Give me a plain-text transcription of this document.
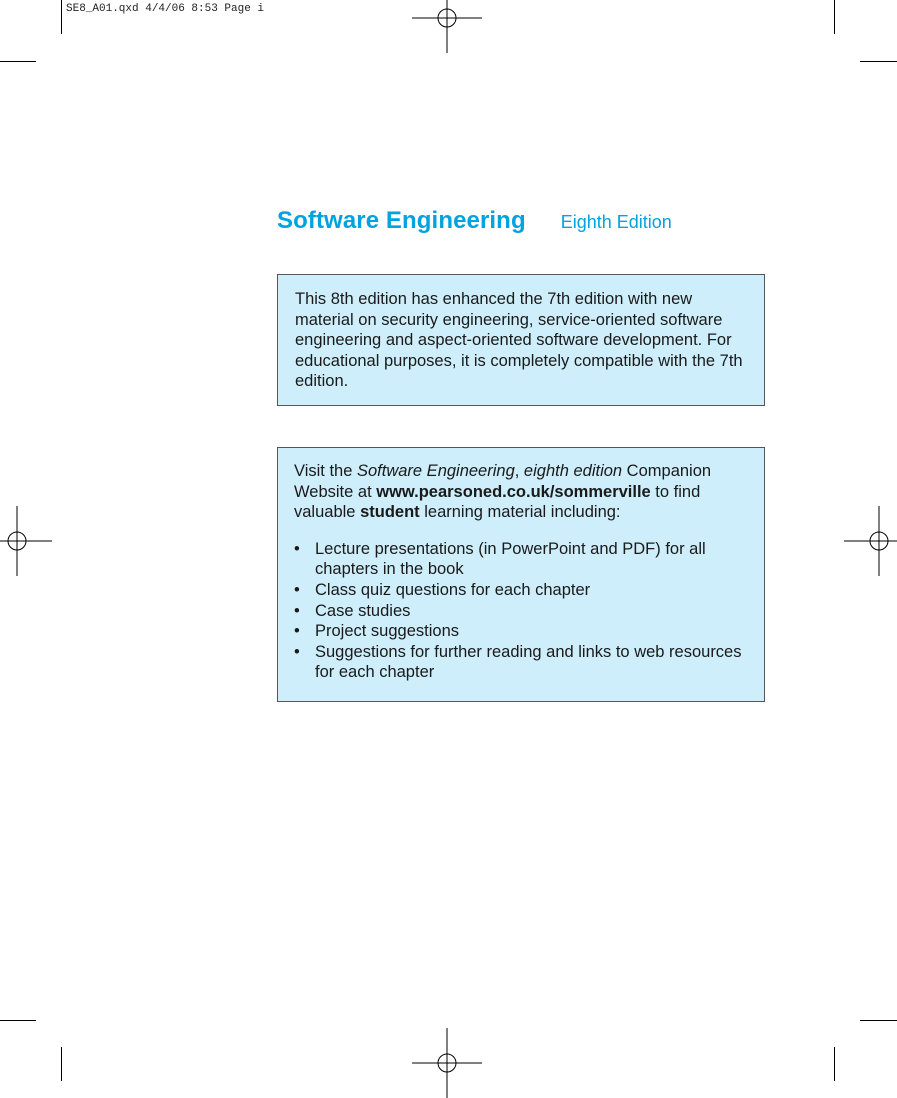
SE8_A01.qxd 4/4/06 8:53 Page i
Software Engineering Eighth Edition

This 8th edition has enhanced the 7th edition with new material on security engineering, service-oriented software engineering and aspect-oriented software development. For educational purposes, it is completely compatible with the 7th edition.

Visit the Software Engineering, eighth edition Companion Website at www.pearsoned.co.uk/sommerville to find valuable student learning material including:

• Lecture presentations (in PowerPoint and PDF) for all chapters in the book
• Class quiz questions for each chapter
• Case studies
• Project suggestions
• Suggestions for further reading and links to web resources for each chapter
